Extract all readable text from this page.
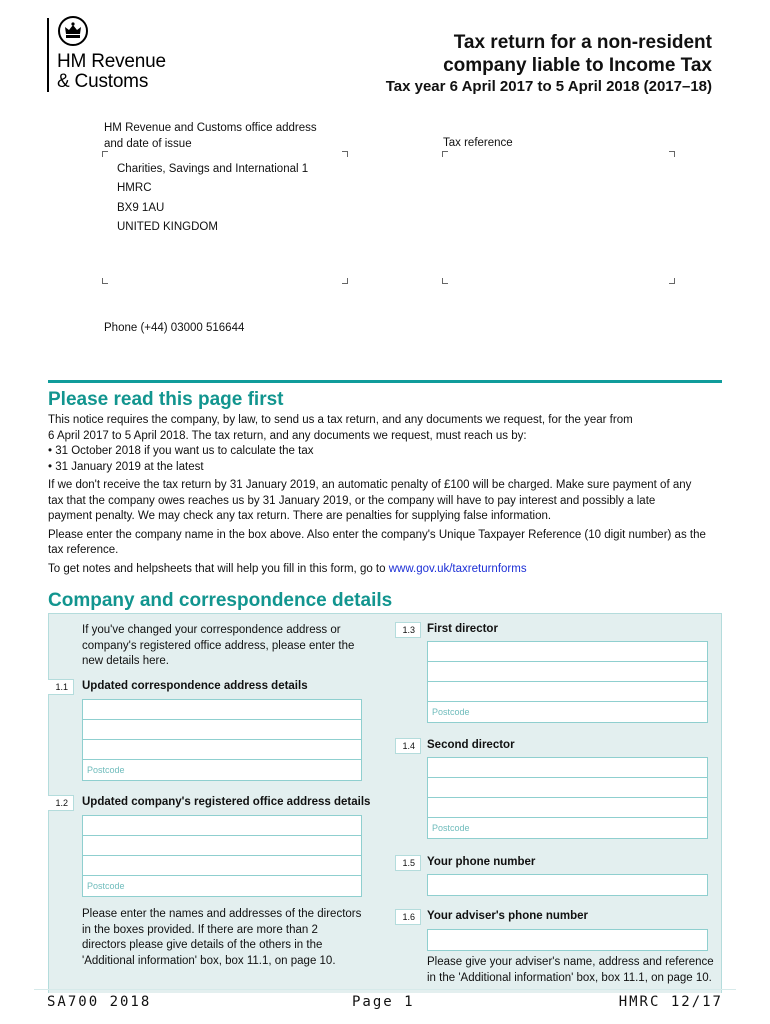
HM Revenue
& Customs
Tax return for a non-resident
company liable to Income Tax
Tax year 6 April 2017 to 5 April 2018 (2017–18)
HM Revenue and Customs office address
and date of issue
Charities, Savings and International 1
HMRC
BX9 1AU
UNITED KINGDOM
Tax reference
Phone (+44) 03000 516644
Please read this page first
This notice requires the company, by law, to send us a tax return, and any documents we request, for the year from
6 April 2017 to 5 April 2018. The tax return, and any documents we request, must reach us by:
• 31 October 2018 if you want us to calculate the tax

• 31 January 2019 at the latest

If we don't receive the tax return by 31 January 2019, an automatic penalty of £100 will be charged. Make sure payment of any tax that the company owes reaches us by 31 January 2019, or the company will have to pay interest and possibly a late payment penalty. We may check any tax return. There are penalties for supplying false information.

Please enter the company name in the box above. Also enter the company's Unique Taxpayer Reference (10 digit number) as the tax reference.

To get notes and helpsheets that will help you fill in this form, go to www.gov.uk/taxreturnforms

Company and correspondence details
If you've changed your correspondence address or company's registered office address, please enter the new details here.
1.1	Updated correspondence address details
Postcode
1.2	Updated company's registered office address details
Postcode
Please enter the names and addresses of the directors in the boxes provided. If there are more than 2 directors please give details of the others in the 'Additional information' box, box 11.1, on page 10.
1.3	First director
Postcode
1.4	Second director
Postcode
1.5	Your phone number
1.6	Your adviser's phone number
Please give your adviser's name, address and reference in the 'Additional information' box, box 11.1, on page 10.
SA700 2018	Page 1	HMRC 12/17
